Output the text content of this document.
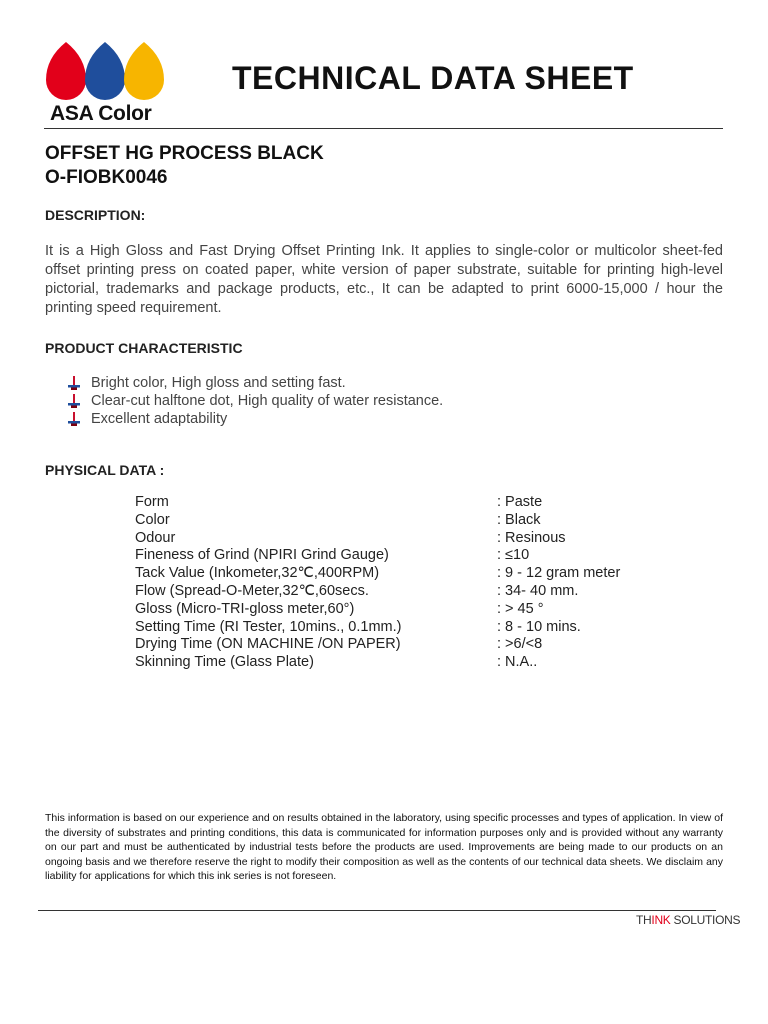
ASA Color
TECHNICAL DATA SHEET
OFFSET HG PROCESS BLACK
O-FIOBK0046
DESCRIPTION:
It is a High Gloss and Fast Drying Offset Printing Ink. It applies to single-color or multicolor sheet-fed offset printing press on coated paper, white version of paper substrate, suitable for printing high-level pictorial, trademarks and package products, etc., It can be adapted to print 6000-15,000 / hour the printing speed requirement.
PRODUCT CHARACTERISTIC
Bright color, High gloss and setting fast.
Clear-cut halftone dot, High quality of water resistance.
Excellent adaptability
PHYSICAL DATA :
Form	: Paste
Color	: Black
Odour	: Resinous
Fineness of Grind (NPIRI Grind Gauge)	: ≤10
Tack Value (Inkometer,32℃,400RPM)	: 9 - 12 gram meter
Flow (Spread-O-Meter,32℃,60secs.	: 34- 40 mm.
Gloss (Micro-TRI-gloss meter,60°)	: > 45 °
Setting Time (RI Tester, 10mins., 0.1mm.)	: 8 - 10 mins.
Drying Time (ON MACHINE /ON PAPER)	: >6/<8
Skinning Time (Glass Plate)	: N.A..
This information is based on our experience and on results obtained in the laboratory, using specific processes and types of application. In view of the diversity of substrates and printing conditions, this data is communicated for information purposes only and is provided without any warranty on our part and must be authenticated by industrial tests before the products are used. Improvements are being made to our products on an ongoing basis and we therefore reserve the right to modify their composition as well as the contents of our technical data sheets. We disclaim any liability for applications for which this ink series is not foreseen.
THINK SOLUTIONS
